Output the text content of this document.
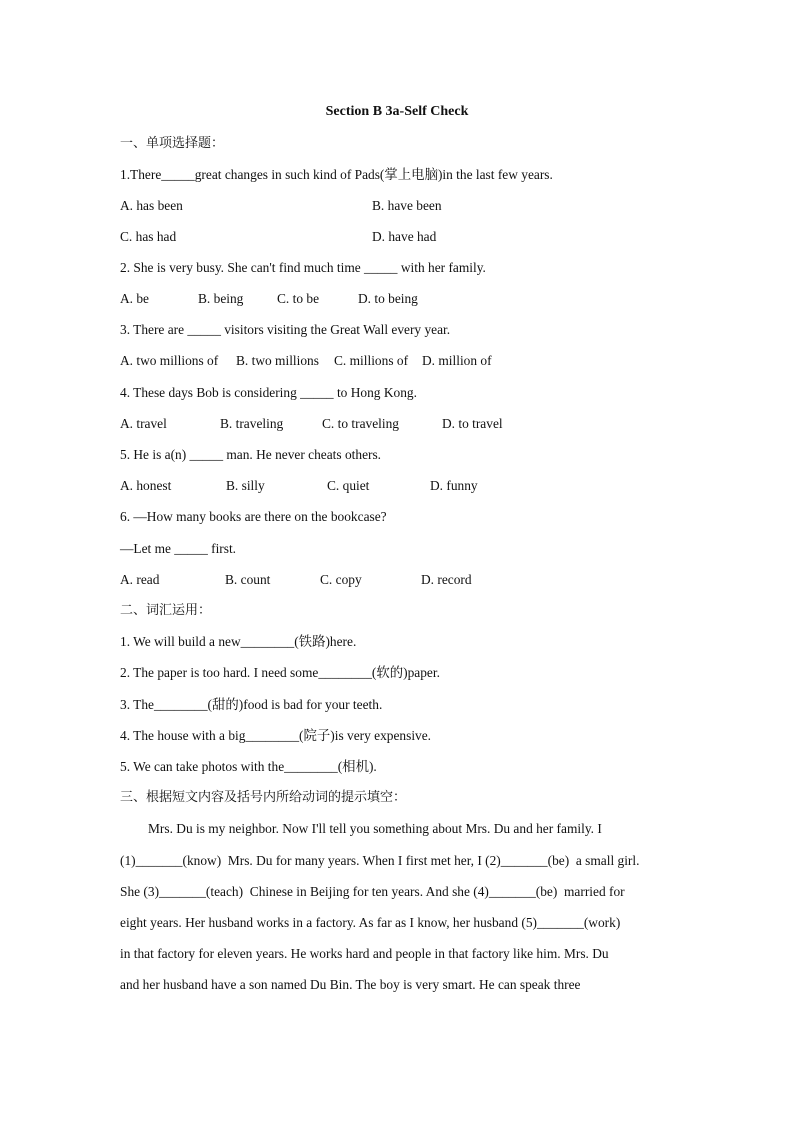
Section B 3a-Self Check
一、单项选择题：
1.There_____great changes in such kind of Pads(掌上电脑)in the last few years.
A. has been	B. have been
C. has had	D. have had
2. She is very busy. She can't find much time _____ with her family.
A. be	B. being	C. to be	D. to being
3. There are _____ visitors visiting the Great Wall every year.
A. two millions of B. two millions C. millions of D. million of
4. These days Bob is considering _____ to Hong Kong.
A. travel	B. traveling	C. to traveling	D. to travel
5. He is a(n) _____ man. He never cheats others.
A. honest	B. silly	C. quiet	D. funny
6. —How many books are there on the bookcase?
—Let me _____ first.
A. read	B. count	C. copy	D. record
二、词汇运用：
1. We will build a new________(铁路)here.
2. The paper is too hard. I need some________(软的)paper.
3. The________(甜的)food is bad for your teeth.
4. The house with a big________(院子)is very expensive.
5. We can take photos with the________(相机).
三、根据短文内容及括号内所给动词的提示填空：
Mrs. Du is my neighbor. Now I'll tell you something about Mrs. Du and her family. I
(1)_______(know)  Mrs. Du for many years. When I first met her, I (2)_______(be)  a small girl.
She (3)_______(teach)  Chinese in Beijing for ten years. And she (4)_______(be)  married for
eight years. Her husband works in a factory. As far as I know, her husband (5)_______(work)
in that factory for eleven years. He works hard and people in that factory like him. Mrs. Du
and her husband have a son named Du Bin. The boy is very smart. He can speak three
